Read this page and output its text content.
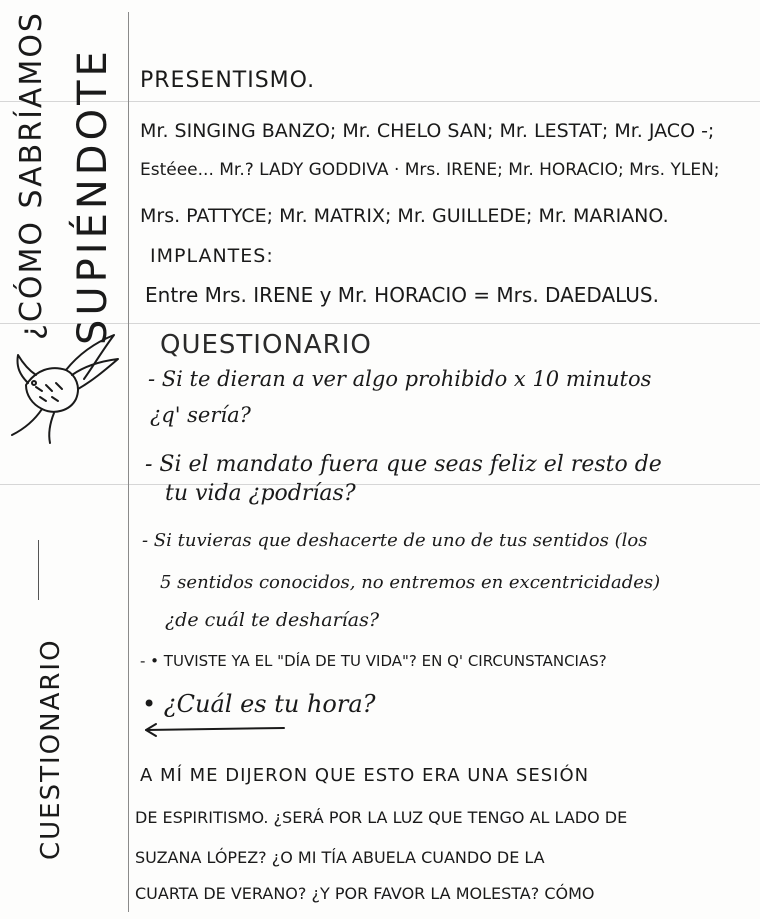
¿CÓMO SABRÍAMOS SUPIÉNDOTE
CUESTIONARIO
PRESENTISMO.
Mr. SINGING BANZO; Mr. CHELO SAN; Mr. LESTAT; Mr. JACO -;
Estéee... Mr.? LADY GODDIVA · Mrs. IRENE; Mr. HORACIO; Mrs. YLEN;
Mrs. PATTYCE; Mr. MATRIX; Mr. GUILLEDE; Mr. MARIANO.
IMPLANTES:
Entre Mrs. IRENE y Mr. HORACIO = Mrs. DAEDALUS.
QUESTIONARIO
- Si te dieran a ver algo prohibido x 10 minutos
¿q' sería?
- Si el mandato fuera que seas feliz el resto de
tu vida ¿podrías?
- Si tuvieras que deshacerte de uno de tus sentidos (los
5 sentidos conocidos, no entremos en excentricidades)
¿de cuál te desharías?
- • TUVISTE YA EL "DÍA DE TU VIDA"? EN Q' CIRCUNSTANCIAS?
• ¿Cuál es tu hora?
A MÍ ME DIJERON QUE ESTO ERA UNA SESIÓN
DE ESPIRITISMO. ¿SERÁ POR LA LUZ QUE TENGO AL LADO DE
SUZANA LÓPEZ? ¿O MI TÍA ABUELA CUANDO DE LA
CUARTA DE VERANO? ¿Y POR FAVOR LA MOLESTA? CÓMO
